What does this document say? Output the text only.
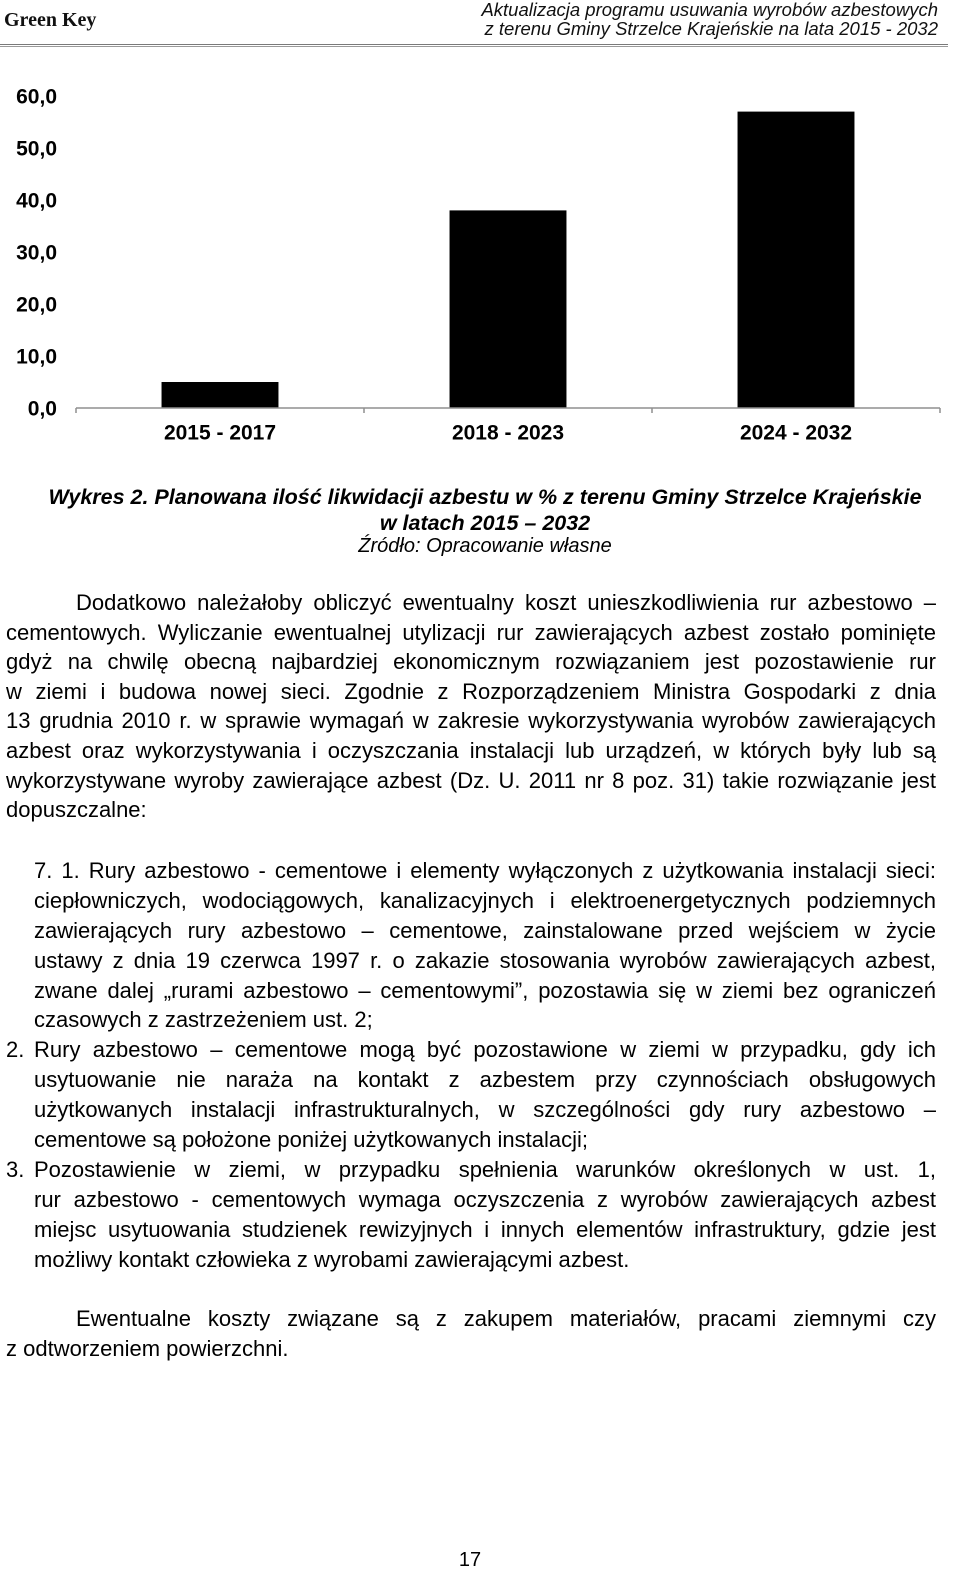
Green Key	Aktualizacja programu usuwania wyrobów azbestowych
z terenu Gminy Strzelce Krajeńskie na lata 2015 - 2032
0,0
10,0
20,0
30,0
40,0
50,0
60,0
2015 - 2017	2018 - 2023	2024 - 2032
Wykres 2. Planowana ilość likwidacji azbestu w % z terenu Gminy Strzelce Krajeńskie
w latach 2015 – 2032
Źródło: Opracowanie własne
Dodatkowo należałoby obliczyć ewentualny koszt unieszkodliwienia rur azbestowo –
cementowych. Wyliczanie ewentualnej utylizacji rur zawierających azbest zostało pominięte
gdyż na chwilę obecną najbardziej ekonomicznym rozwiązaniem jest pozostawienie rur
w ziemi i budowa nowej sieci. Zgodnie z Rozporządzeniem Ministra Gospodarki z dnia
13 grudnia 2010 r. w sprawie wymagań w zakresie wykorzystywania wyrobów zawierających
azbest oraz wykorzystywania i oczyszczania instalacji lub urządzeń, w których były lub są
wykorzystywane wyroby zawierające azbest (Dz. U. 2011 nr 8 poz. 31) takie rozwiązanie jest
dopuszczalne:
7. 1. Rury azbestowo - cementowe i elementy wyłączonych z użytkowania instalacji sieci:
ciepłowniczych, wodociągowych, kanalizacyjnych i elektroenergetycznych podziemnych
zawierających rury azbestowo – cementowe, zainstalowane przed wejściem w życie
ustawy z dnia 19 czerwca 1997 r. o zakazie stosowania wyrobów zawierających azbest,
zwane dalej „rurami azbestowo – cementowymi”, pozostawia się w ziemi bez ograniczeń
czasowych z zastrzeżeniem ust. 2;
2. Rury azbestowo – cementowe mogą być pozostawione w ziemi w przypadku, gdy ich
usytuowanie nie naraża na kontakt z azbestem przy czynnościach obsługowych
użytkowanych instalacji infrastrukturalnych, w szczególności gdy rury azbestowo –
cementowe są położone poniżej użytkowanych instalacji;
3. Pozostawienie w ziemi, w przypadku spełnienia warunków określonych w ust. 1,
rur azbestowo - cementowych wymaga oczyszczenia z wyrobów zawierających azbest
miejsc usytuowania studzienek rewizyjnych i innych elementów infrastruktury, gdzie jest
możliwy kontakt człowieka z wyrobami zawierającymi azbest.
Ewentualne koszty związane są z zakupem materiałów, pracami ziemnymi czy
z odtworzeniem powierzchni.
17
